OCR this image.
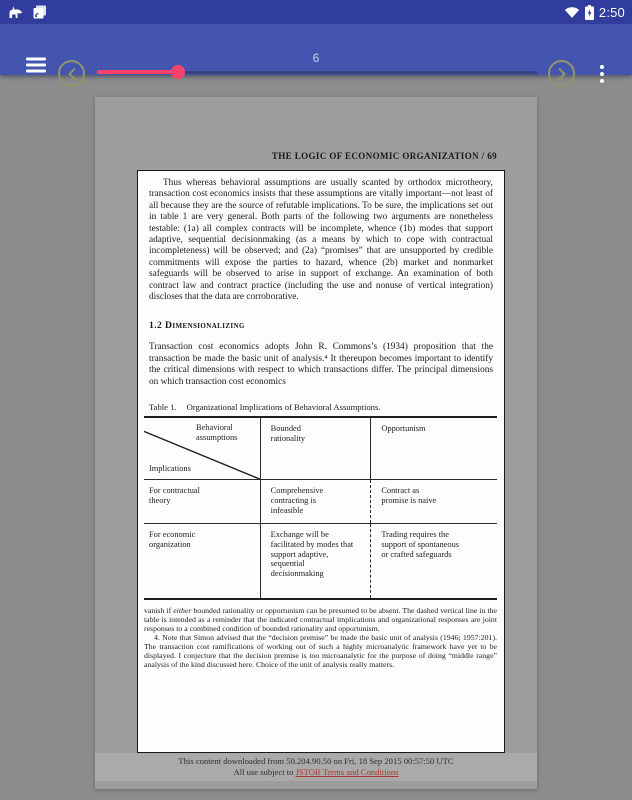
2:50
6
THE LOGIC OF ECONOMIC ORGANIZATION / 69

Thus whereas behavioral assumptions are usually scanted by orthodox microtheory, transaction cost economics insists that these assumptions are vitally important—not least of all because they are the source of refutable implications. To be sure, the implications set out in table 1 are very general. Both parts of the following two arguments are nonetheless testable: (1a) all complex contracts will be incomplete, whence (1b) modes that support adaptive, sequential decisionmaking (as a means by which to cope with contractual incompleteness) will be observed; and (2a) “promises” that are unsupported by credible commitments will expose the parties to hazard, whence (2b) market and nonmarket safeguards will be observed to arise in support of exchange. An examination of both contract law and contract practice (including the use and nonuse of vertical integration) discloses that the data are corroborative.

1.2 Dimensionalizing

Transaction cost economics adopts John R. Commons’s (1934) proposition that the transaction be made the basic unit of analysis.⁴ It thereupon becomes important to identify the critical dimensions with respect to which transactions differ. The principal dimensions on which transaction cost economics

Table 1. Organizational Implications of Behavioral Assumptions.
Behavioral assumptions
Implications
Bounded rationality
Opportunism
For contractual theory
Comprehensive contracting is infeasible
Contract as promise is naive
For economic organization
Exchange will be facilitated by modes that support adaptive, sequential decisionmaking
Trading requires the support of spontaneous or crafted safeguards

vanish if either bounded rationality or opportunism can be presumed to be absent. The dashed vertical line in the table is intended as a reminder that the indicated contractual implications and organizational responses are joint responses to a combined condition of bounded rationality and opportunism.

4. Note that Simon advised that the “decision premise” be made the basic unit of analysis (1946; 1957:201). The transaction cost ramifications of working out of such a highly microanalytic framework have yet to be displayed. I conjecture that the decision premise is too microanalytic for the purpose of doing “middle range” analysis of the kind discussed here. Choice of the unit of analysis really matters.

This content downloaded from 50.204.90.50 on Fri, 18 Sep 2015 00:57:50 UTC
All use subject to JSTOR Terms and Conditions
